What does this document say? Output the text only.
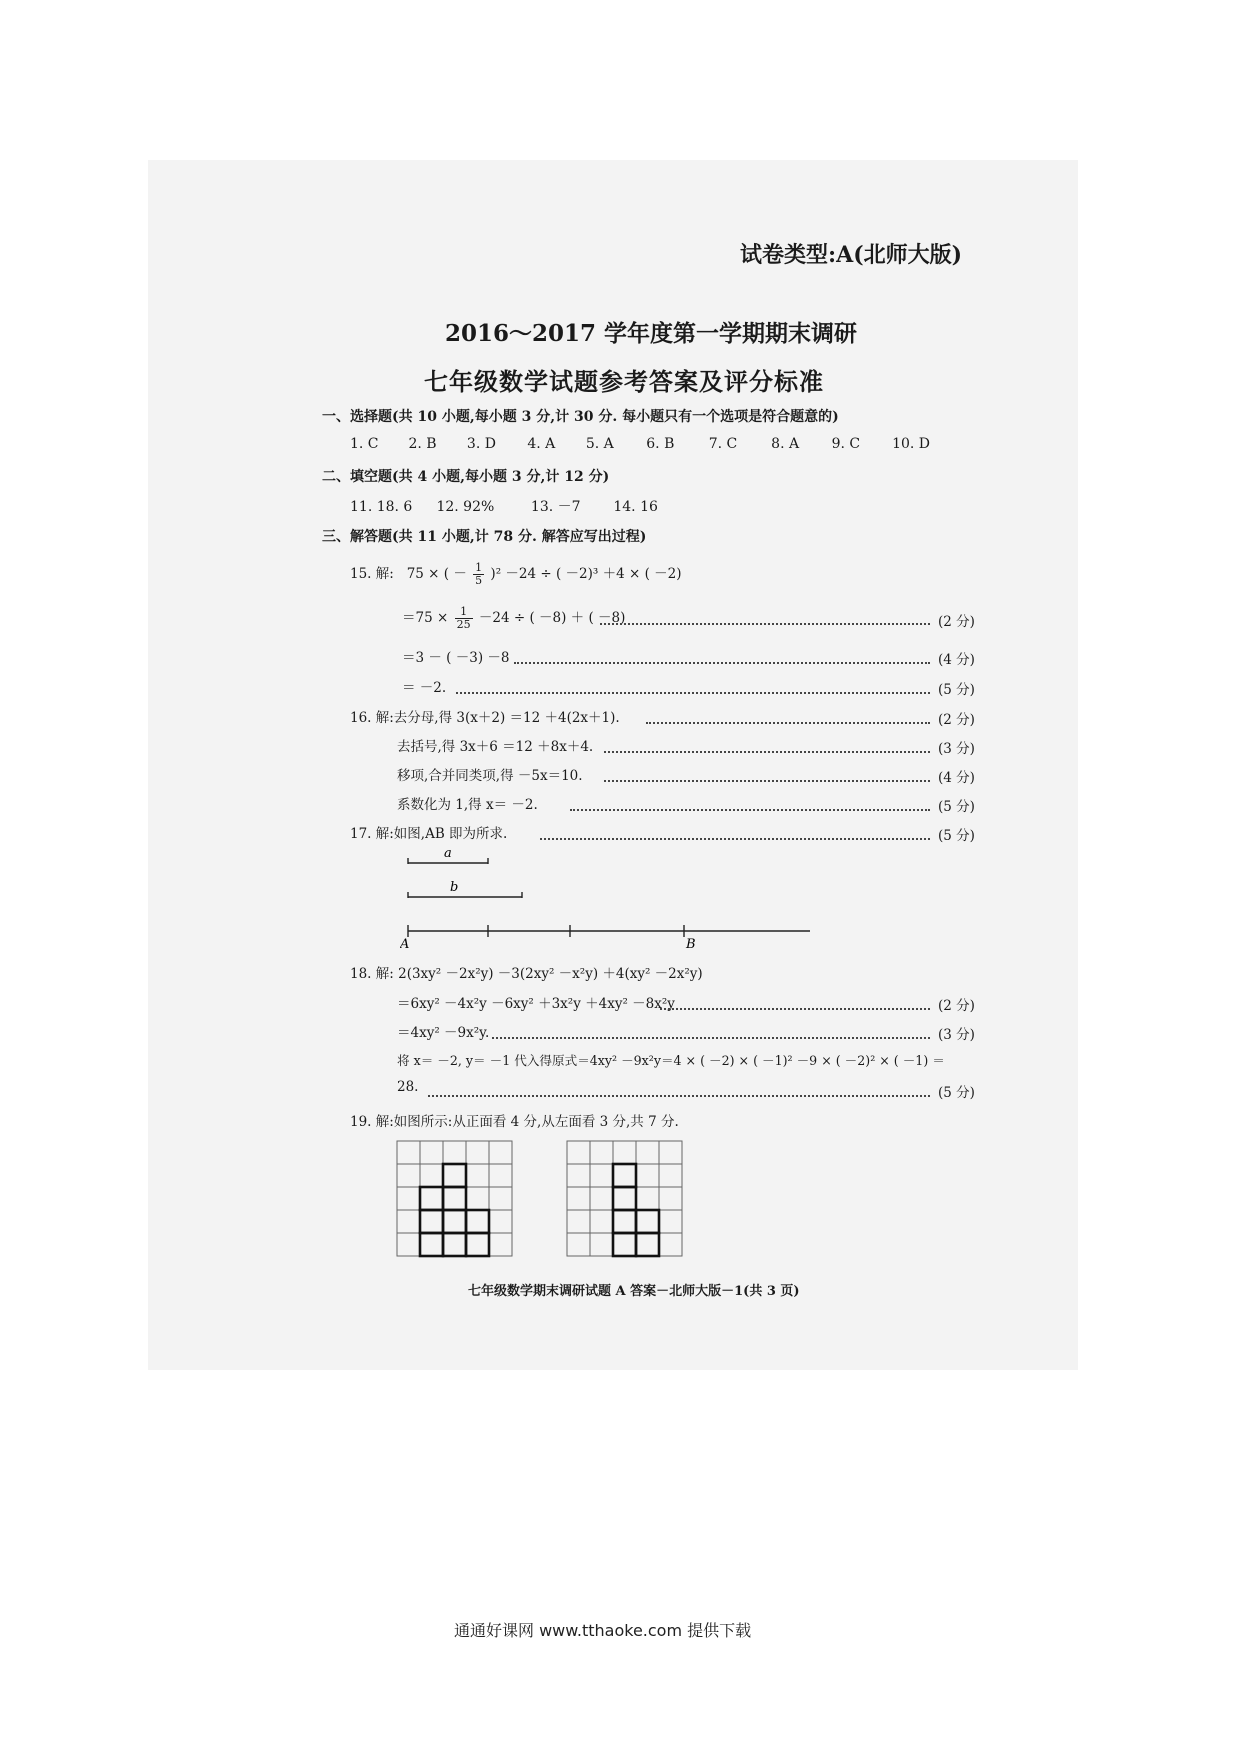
试卷类型:A(北师大版)
2016～2017 学年度第一学期期末调研
七年级数学试题参考答案及评分标准
一、选择题(共 10 小题,每小题 3 分,计 30 分. 每小题只有一个选项是符合题意的)
1. C 2. B 3. D 4. A 5. A 6. B 7. C 8. A 9. C 10. D
二、填空题(共 4 小题,每小题 3 分,计 12 分)
11. 18. 6 12. 92%	13. －7 14. 16
三、解答题(共 11 小题,计 78 分. 解答应写出过程)
15. 解: 75 × ( － $\frac{1}{5} )^2 -24$ ÷ ( －2)³ ＋4 × ( －2)
$=75 \times \frac{1}{25} -24$ ÷ ( －8) ＋ ( －8)	(2 分)
＝3 － ( －3) －8	(4 分)
＝ －2.	(5 分)
16. 解:去分母,得 3(x＋2) ＝12 ＋4(2x＋1).	(2 分)
去括号,得 3x＋6 ＝12 ＋8x＋4.	(3 分)
移项,合并同类项,得 －5x＝10.	(4 分)
系数化为 1,得 x＝ －2.	(5 分)
17. 解:如图,AB 即为所求.	(5 分)
a
b
A	B
18. 解: 2(3xy² －2x²y) －3(2xy² －x²y) ＋4(xy² －2x²y)
＝6xy² －4x²y －6xy² ＋3x²y ＋4xy² －8x²y	(2 分)
＝4xy² －9x²y.	(3 分)
将 x＝ －2, y＝ －1 代入得原式＝4xy² －9x²y＝4 × ( －2) × ( －1)² －9 × ( －2)² × ( －1) ＝
28.	(5 分)
19. 解:如图所示:从正面看 4 分,从左面看 3 分,共 7 分.
七年级数学期末调研试题 A 答案－北师大版－1(共 3 页)
通通好课网 www.tthaoke.com 提供下载
